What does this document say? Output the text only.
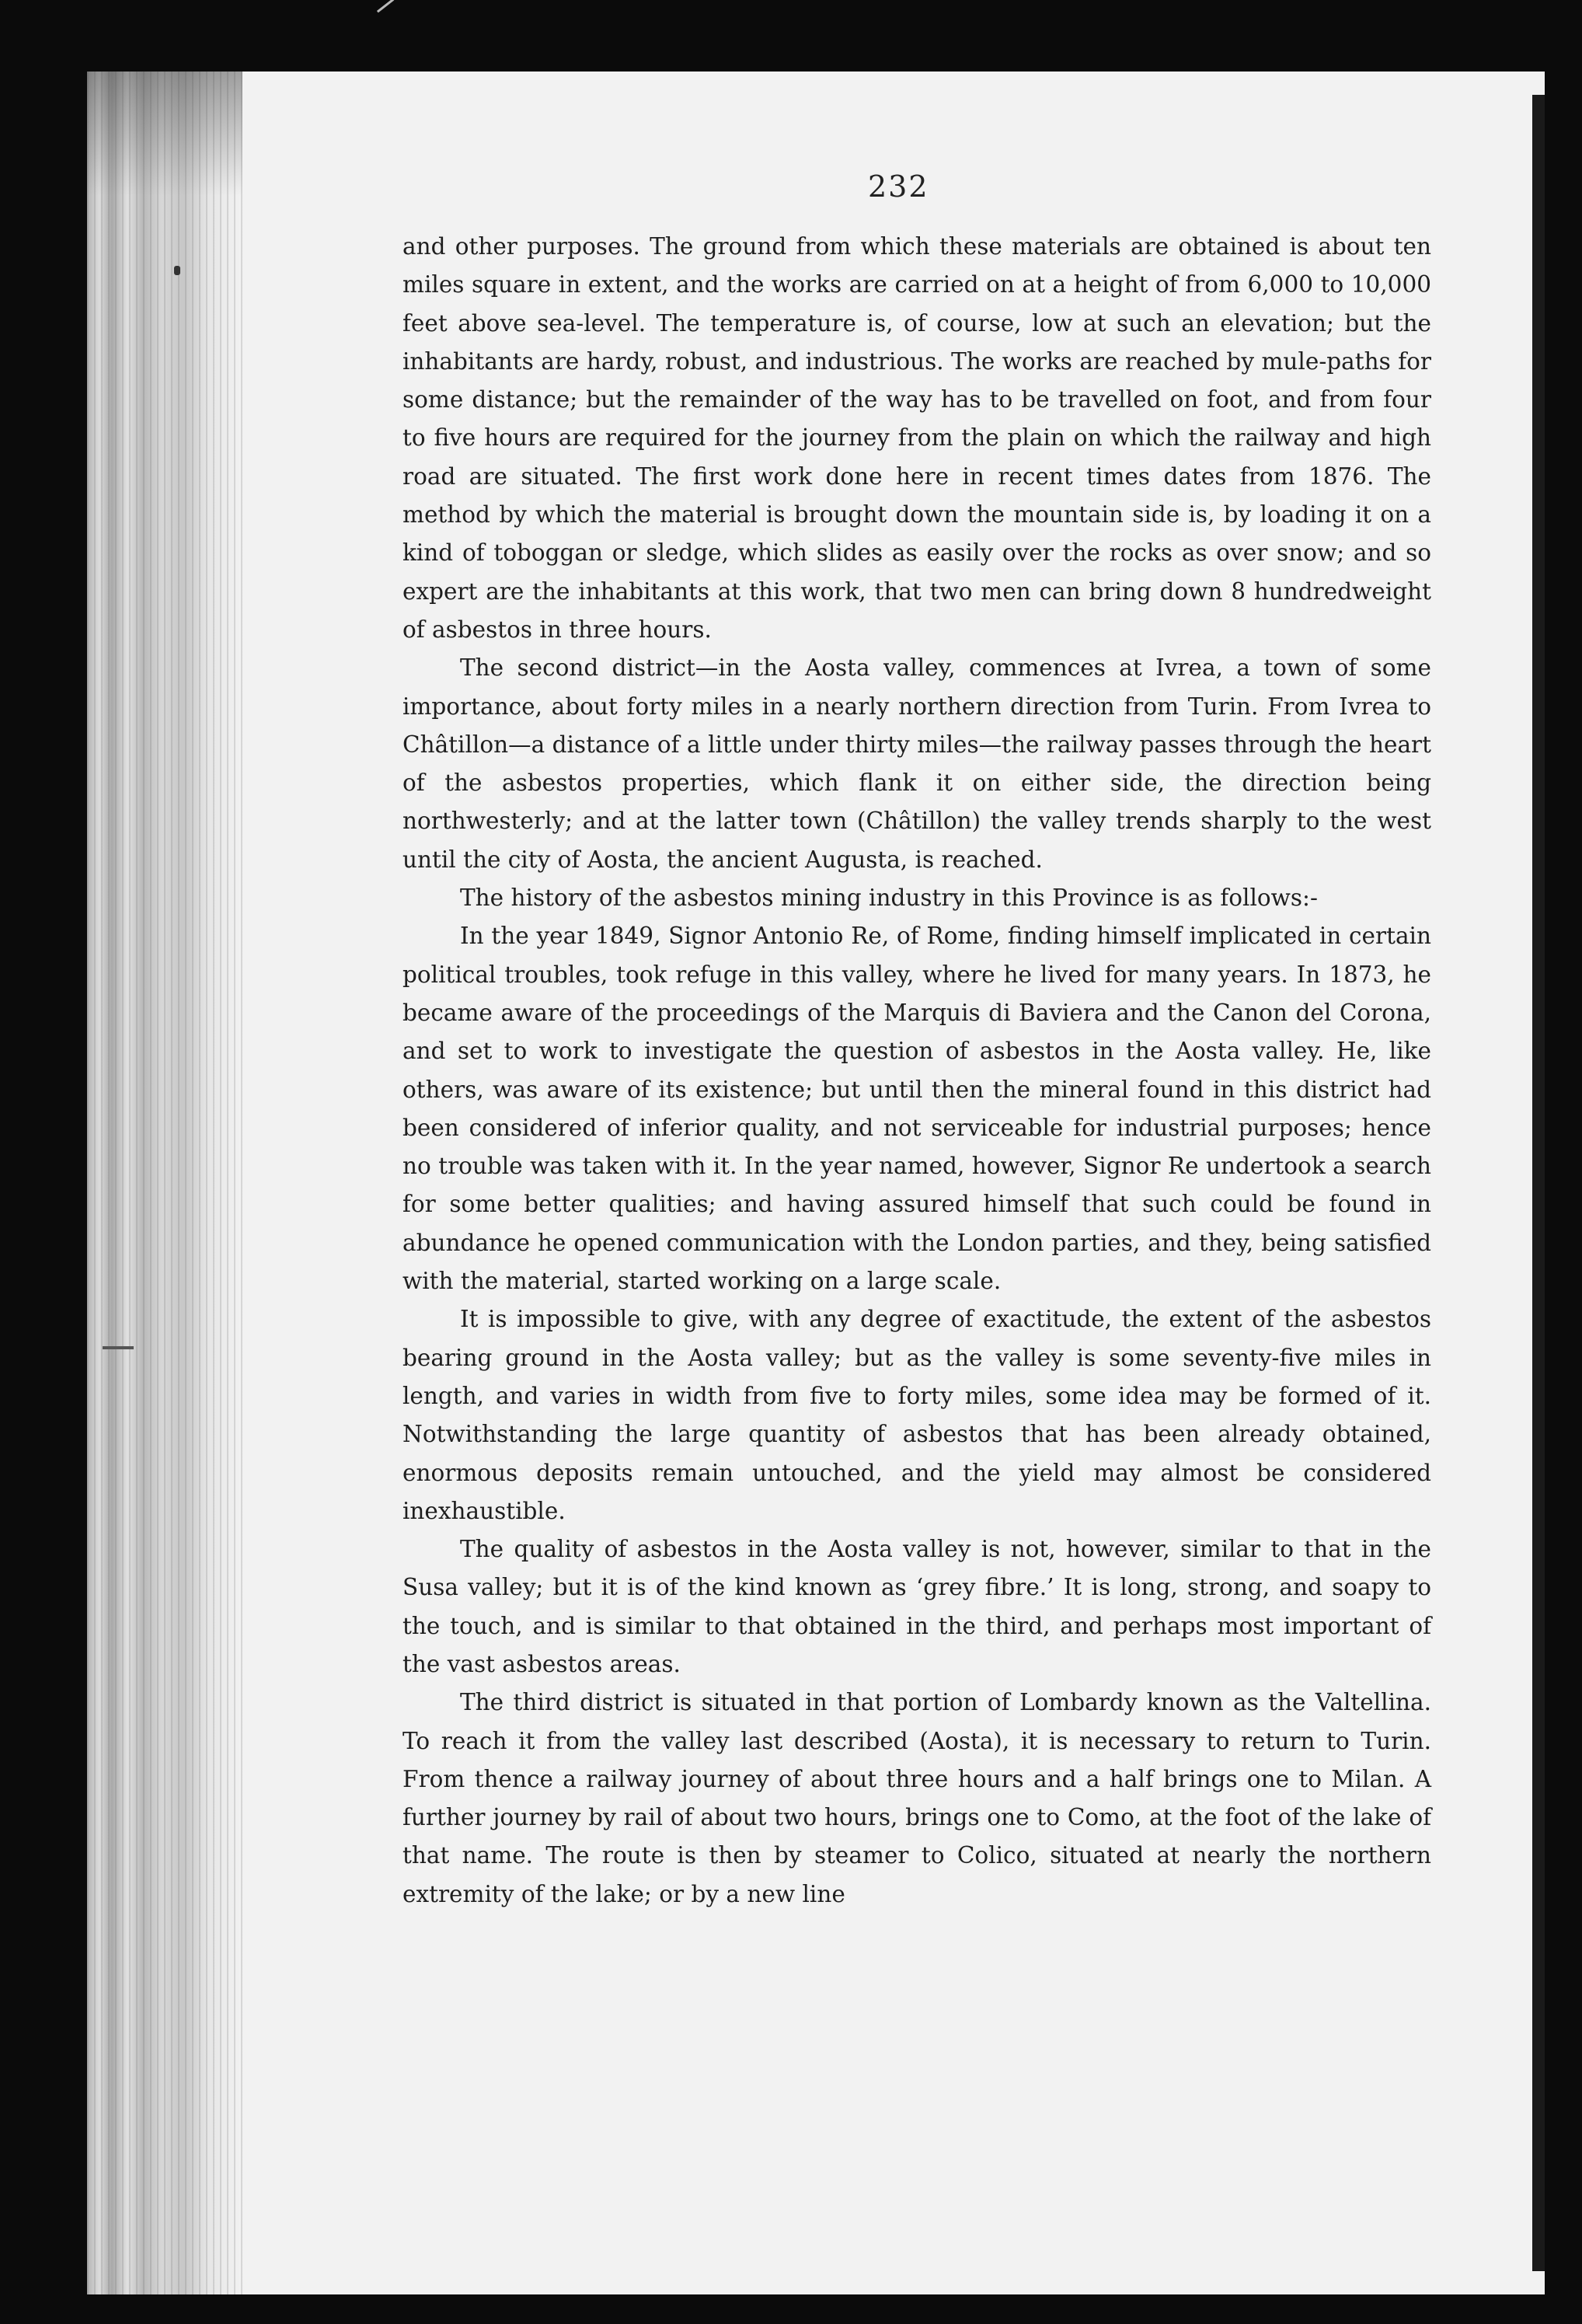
232

and other purposes. The ground from which these materials are obtained is about ten miles square in extent, and the works are carried on at a height of from 6,000 to 10,000 feet above sea-level. The temperature is, of course, low at such an elevation; but the inhabitants are hardy, robust, and industrious. The works are reached by mule-paths for some distance; but the remainder of the way has to be travelled on foot, and from four to five hours are required for the journey from the plain on which the railway and high road are situated. The first work done here in recent times dates from 1876. The method by which the material is brought down the mountain side is, by loading it on a kind of toboggan or sledge, which slides as easily over the rocks as over snow; and so expert are the inhabitants at this work, that two men can bring down 8 hundredweight of asbestos in three hours.

The second district—in the Aosta valley, commences at Ivrea, a town of some importance, about forty miles in a nearly northern direction from Turin. From Ivrea to Châtillon—a distance of a little under thirty miles—the railway passes through the heart of the asbestos properties, which flank it on either side, the direction being northwesterly; and at the latter town (Châtillon) the valley trends sharply to the west until the city of Aosta, the ancient Augusta, is reached.

The history of the asbestos mining industry in this Province is as follows:-

In the year 1849, Signor Antonio Re, of Rome, finding himself implicated in certain political troubles, took refuge in this valley, where he lived for many years. In 1873, he became aware of the proceedings of the Marquis di Baviera and the Canon del Corona, and set to work to investigate the question of asbestos in the Aosta valley. He, like others, was aware of its existence; but until then the mineral found in this district had been considered of inferior quality, and not serviceable for industrial purposes; hence no trouble was taken with it. In the year named, however, Signor Re undertook a search for some better qualities; and having assured himself that such could be found in abundance he opened communication with the London parties, and they, being satisfied with the material, started working on a large scale.

It is impossible to give, with any degree of exactitude, the extent of the asbestos bearing ground in the Aosta valley; but as the valley is some seventy-five miles in length, and varies in width from five to forty miles, some idea may be formed of it. Notwithstanding the large quantity of asbestos that has been already obtained, enormous deposits remain untouched, and the yield may almost be considered inexhaustible.

The quality of asbestos in the Aosta valley is not, however, similar to that in the Susa valley; but it is of the kind known as ‘grey fibre.’ It is long, strong, and soapy to the touch, and is similar to that obtained in the third, and perhaps most important of the vast asbestos areas.

The third district is situated in that portion of Lombardy known as the Valtellina. To reach it from the valley last described (Aosta), it is necessary to return to Turin. From thence a railway journey of about three hours and a half brings one to Milan. A further journey by rail of about two hours, brings one to Como, at the foot of the lake of that name. The route is then by steamer to Colico, situated at nearly the northern extremity of the lake; or by a new line
